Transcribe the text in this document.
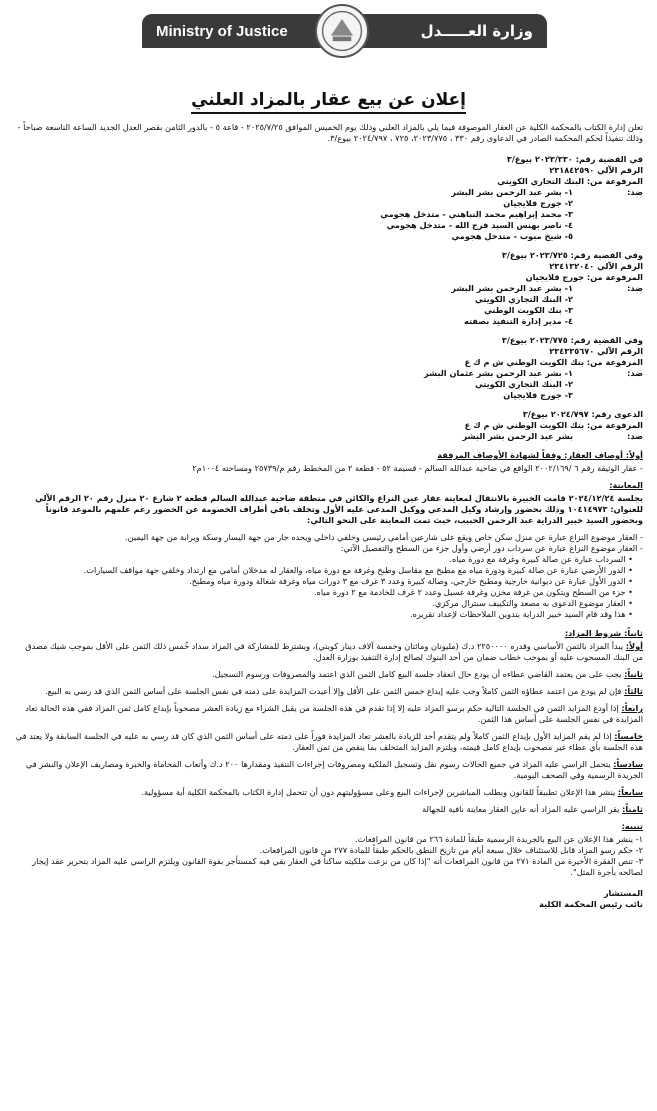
Ministry of Justice	وزارة العـــــدل
إعلان عن بيع عقار بالمزاد العلني

تعلن إدارة الكتاب بالمحكمة الكلية عن العقار الموصوفة فيما يلي بالمزاد العلني وذلك يوم الخميس الموافق ٢٠٢٥/٧/٢٥ - قاعة ٥ - بالدور الثامن بقصر العدل الجديد الساعة التاسعة صباحاً - وذلك تنفيذاً لحكم المحكمة الصادر في الدعاوى رقم ٣٣٠ ، ٢٠٢٣/٧٧٥، ٧٢٥ ، ٢٠٢٤/٧٩٧ بيوع/٣.

في القضية رقم: ٢٠٢٣/٣٣٠ بيوع/٣
الرقم الآلي ٢٣١٨٤٢٥٩٠
المرفوعة من: البنك التجاري الكويتي
ضد:١- بشر عبد الرحمن بشر البشر
٢- جورج قلايجيان
٣- محمد إبراهيم محمد النباهني - متدخل هجومي
٤- ناصر بهنس السيد فرج الله - متدخل هجومي
٥- شيخ مبوب - متدخل هجومي
وفي القضية رقم: ٢٠٢٣/٧٢٥ بيوع/٣
الرقم الآلي ٢٣٤١٣٢٠٤٠
المرفوعة من: جورج قلايجيان
ضد:١- بشر عبد الرحمن بشر البشر
٢- البنك التجاري الكويتي
٣- بنك الكويت الوطني
٤- مدير إدارة التنفيذ بصفته
وفي القضية رقم: ٢٠٢٣/٧٧٥ بيوع/٣
الرقم الآلي ٢٣٤٣٣٥٦٧٠
المرفوعة من: بنك الكويت الوطني ش م ك ع
ضد:١- بشر عبد الرحمن بشر عثمان البشر
٢- البنك التجاري الكويتي
٣- جورج قلايجيان
الدعوى رقم: ٢٠٢٤/٧٩٧ بيوع/٣
المرفوعة من: بنك الكويت الوطني ش م ك ع
ضد:بشر عبد الرحمن بشر البشر
أولاً: أوصاف العقار: وفقاً لشهادة الأوصاف المرفقة

- عقار الوثيقة رقم ٦ /٢٠٠٢/١٦٩ الواقع في ضاحية عبدالله السالم - قسيمة ٥٢ - قطعة ٢ من المخطط رقم م/٢٥٧٣٩ ومساحته ١٠٠٤م٢

المعاينة:

بجلسة ٢٠٢٤/١٢/٢٤ قامت الخبيرة بالانتقال لمعاينة عقار عين النزاع والكائن في منطقة ضاحية عبدالله السالم قطعة ٢ شارع ٢٠ منزل رقم ٢٠ الرقم الآلي للعنوان: ١٠٤١٤٩٧٣ وذلك بحضور وإرشاد وكيل المدعي ووكيل المدعى عليه الأول وتخلف باقي أطراف الخصومة عن الحضور رغم علمهم بالموعد قانوناً وبحضور السيد خبير الدراية عبد الرحمن الحبيب، حيث تمت المعاينة على النحو التالي:

- العقار موضوع النزاع عبارة عن منزل سكن خاص ويقع على شارعين أمامي رئيسي وخلفي داخلي ويحده جار من جهة اليسار وسكة ويرابة من جهة اليمين.
- العقار موضوع النزاع عبارة عن سرداب دور أرضي وأول جزء من السطح والتفصيل الآتي:
• السرداب عبارة عن صالة كبيرة وغرفة مع دورة مياه.
• الدور الأرضي عبارة عن صالة كبيرة ودورة مياه مع مطبخ مع مقاسل وطبخ وغرفة مع دورة مياه، والعقار له مدخلان أمامي مع ارتداد وخلفي جهة مواقف السيارات.
• الدور الأول عبارة عن ديوانية خارجية ومطبخ خارجي، وصالة كبيرة وعدد ٣ غرف مع ٣ دورات مياه وغرفة شغالة ودورة مياه ومطبخ.
• جزء من السطح ويتكون من غرفة مخزن وغرفة غسيل وعدد ٢ غرف للخادمة مع ٢ دورة مياه.
• العقار موضوع الدعوى به مصعد والتكييف سنترال مركزي.
• هذا وقد قام السيد خبير الدراية بتدوين الملاحظات لإعداد تقريره.
ثانياً: شروط المزاد:

أولاً: يبدأ المزاد بالثمن الأساسي وقدره ٢٢٥٠٠٠٠ د.ك (مليونان ومائتان وخمسة آلاف دينار كويتي)، ويشترط للمشاركة في المزاد سداد خُمس ذلك الثمن على الأقل بموجب شيك مصدق من البنك المسحوب عليه أو بموجب خطاب ضمان من أحد البنوك لصالح إدارة التنفيذ بوزارة العدل.

ثانياً: يجب على من يعتمد القاضي عطاءه أن يودع حال انعقاد جلسة البيع كامل الثمن الذي اعتمد والمصروفات ورسوم التسجيل.

ثالثاً: فإن لم يودع من اعتمد عطاؤه الثمن كاملاً وجب عليه إيداع خمس الثمن على الأقل وإلا أعيدت المزايدة على ذمته في نفس الجلسة على أساس الثمن الذي قد رسي به البيع.

رابعاً: إذا أودع المزايد الثمن في الجلسة التالية حكم برسو المزاد عليه إلا إذا تقدم في هذه الجلسة من يقبل الشراء مع زيادة العشر مصحوباً بإيداع كامل ثمن المزاد ففي هذه الحالة تعاد المزايدة في نفس الجلسة على أساس هذا الثمن.

خامساً: إذا لم يقم المزايد الأول بإيداع الثمن كاملاً ولم يتقدم أحد للزيادة بالعشر تعاد المزايدة فوراً على ذمته على أساس الثمن الذي كان قد رسي به عليه في الجلسة السابقة ولا يعتد في هذه الجلسة بأي عطاء غير مصحوب بإيداع كامل قيمته، ويلتزم المزايد المتخلف بما ينقص من ثمن العقار.

سادساً: يتحمل الراسي عليه المزاد في جميع الحالات رسوم نقل وتسجيل الملكية ومصروفات إجراءات التنفيذ ومقدارها ٢٠٠ د.ك وأتعاب المحاماة والخبرة ومصاريف الإعلان والنشر في الجريدة الرسمية وفي الصحف اليومية.

سابعاً: ينشر هذا الإعلان تطبيقاً للقانون وبطلب المباشرين لإجراءات البيع وعلى مسؤوليتهم دون أن تتحمل إدارة الكتاب بالمحكمة الكلية أية مسؤولية.

ثامناً: يقر الراسي عليه المزاد أنه عاين العقار معاينة نافية للجهالة

تنبيه:
١- ينشر هذا الإعلان عن البيع بالجريدة الرسمية طبقاً للمادة ٢٦٦ من قانون المرافعات.
٢- حكم رسو المزاد قابل للاستئناف خلال سبعة أيام من تاريخ النطق بالحكم طبقاً للمادة ٢٧٧ من قانون المرافعات.
٣- تنص الفقرة الأخيرة من المادة ٢٧١ من قانون المرافعات أنه "إذا كان من نزعت ملكيته ساكناً في العقار بقي فيه كمستأجر بقوة القانون ويلتزم الراسي عليه المزاد بتحرير عقد إيجار لصالحه بأجرة المثل".
المستشار
نائب رئيس المحكمة الكلية
